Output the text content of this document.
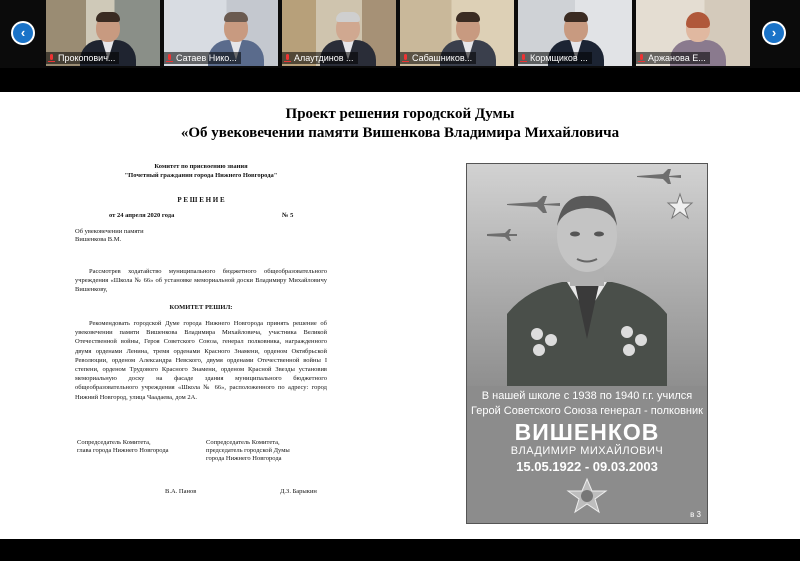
Прокопович...	Сатаев Нико...	Алаутдинов ...	Сабашников...	Кормщиков ...	Аржанова Е...
‹	›
Проект решения городской Думы
«Об увековечении памяти Вишенкова Владимира Михайловича
Комитет по присвоению звания
"Почетный гражданин города Нижнего Новгорода"
Р Е Ш Е Н И Е
от 24 апреля 2020 года	№ 5
Об увековечении памяти
Вишенкова В.М.
Рассмотрев ходатайство муниципального бюджетного общеобразовательного учреждения «Школа № 66» об установке мемориальной доски Владимиру Михайловичу Вишенкову,
КОМИТЕТ РЕШИЛ:
Рекомендовать городской Думе города Нижнего Новгорода принять решение об увековечении памяти Вишенкова Владимира Михайловича, участника Великой Отечественной войны, Героя Советского Союза, генерал полковника, награжденного двумя орденами Ленина, тремя орденами Красного Знамени, орденом Октябрьской Революции, орденом Александра Невского, двумя орденами Отечественной войны I степени, орденом Трудового Красного Знамени, орденом Красной Звезды установив мемориальную доску на фасаде здания муниципального бюджетного общеобразовательного учреждения «Школа № 66», расположенного по адресу: город Нижний Новгород, улица Чаадаева, дом 2А.
Сопредседатель Комитета,
глава города Нижнего Новгорода
Сопредседатель Комитета,
председатель городской Думы
города Нижнего Новгорода
В.А. Панов	Д.З. Барыкин
В нашей школе с 1938 по 1940 г.г. учился
Герой Советского Союза генерал - полковник
ВИШЕНКОВ
ВЛАДИМИР МИХАЙЛОВИЧ
15.05.1922 - 09.03.2003
в 3
